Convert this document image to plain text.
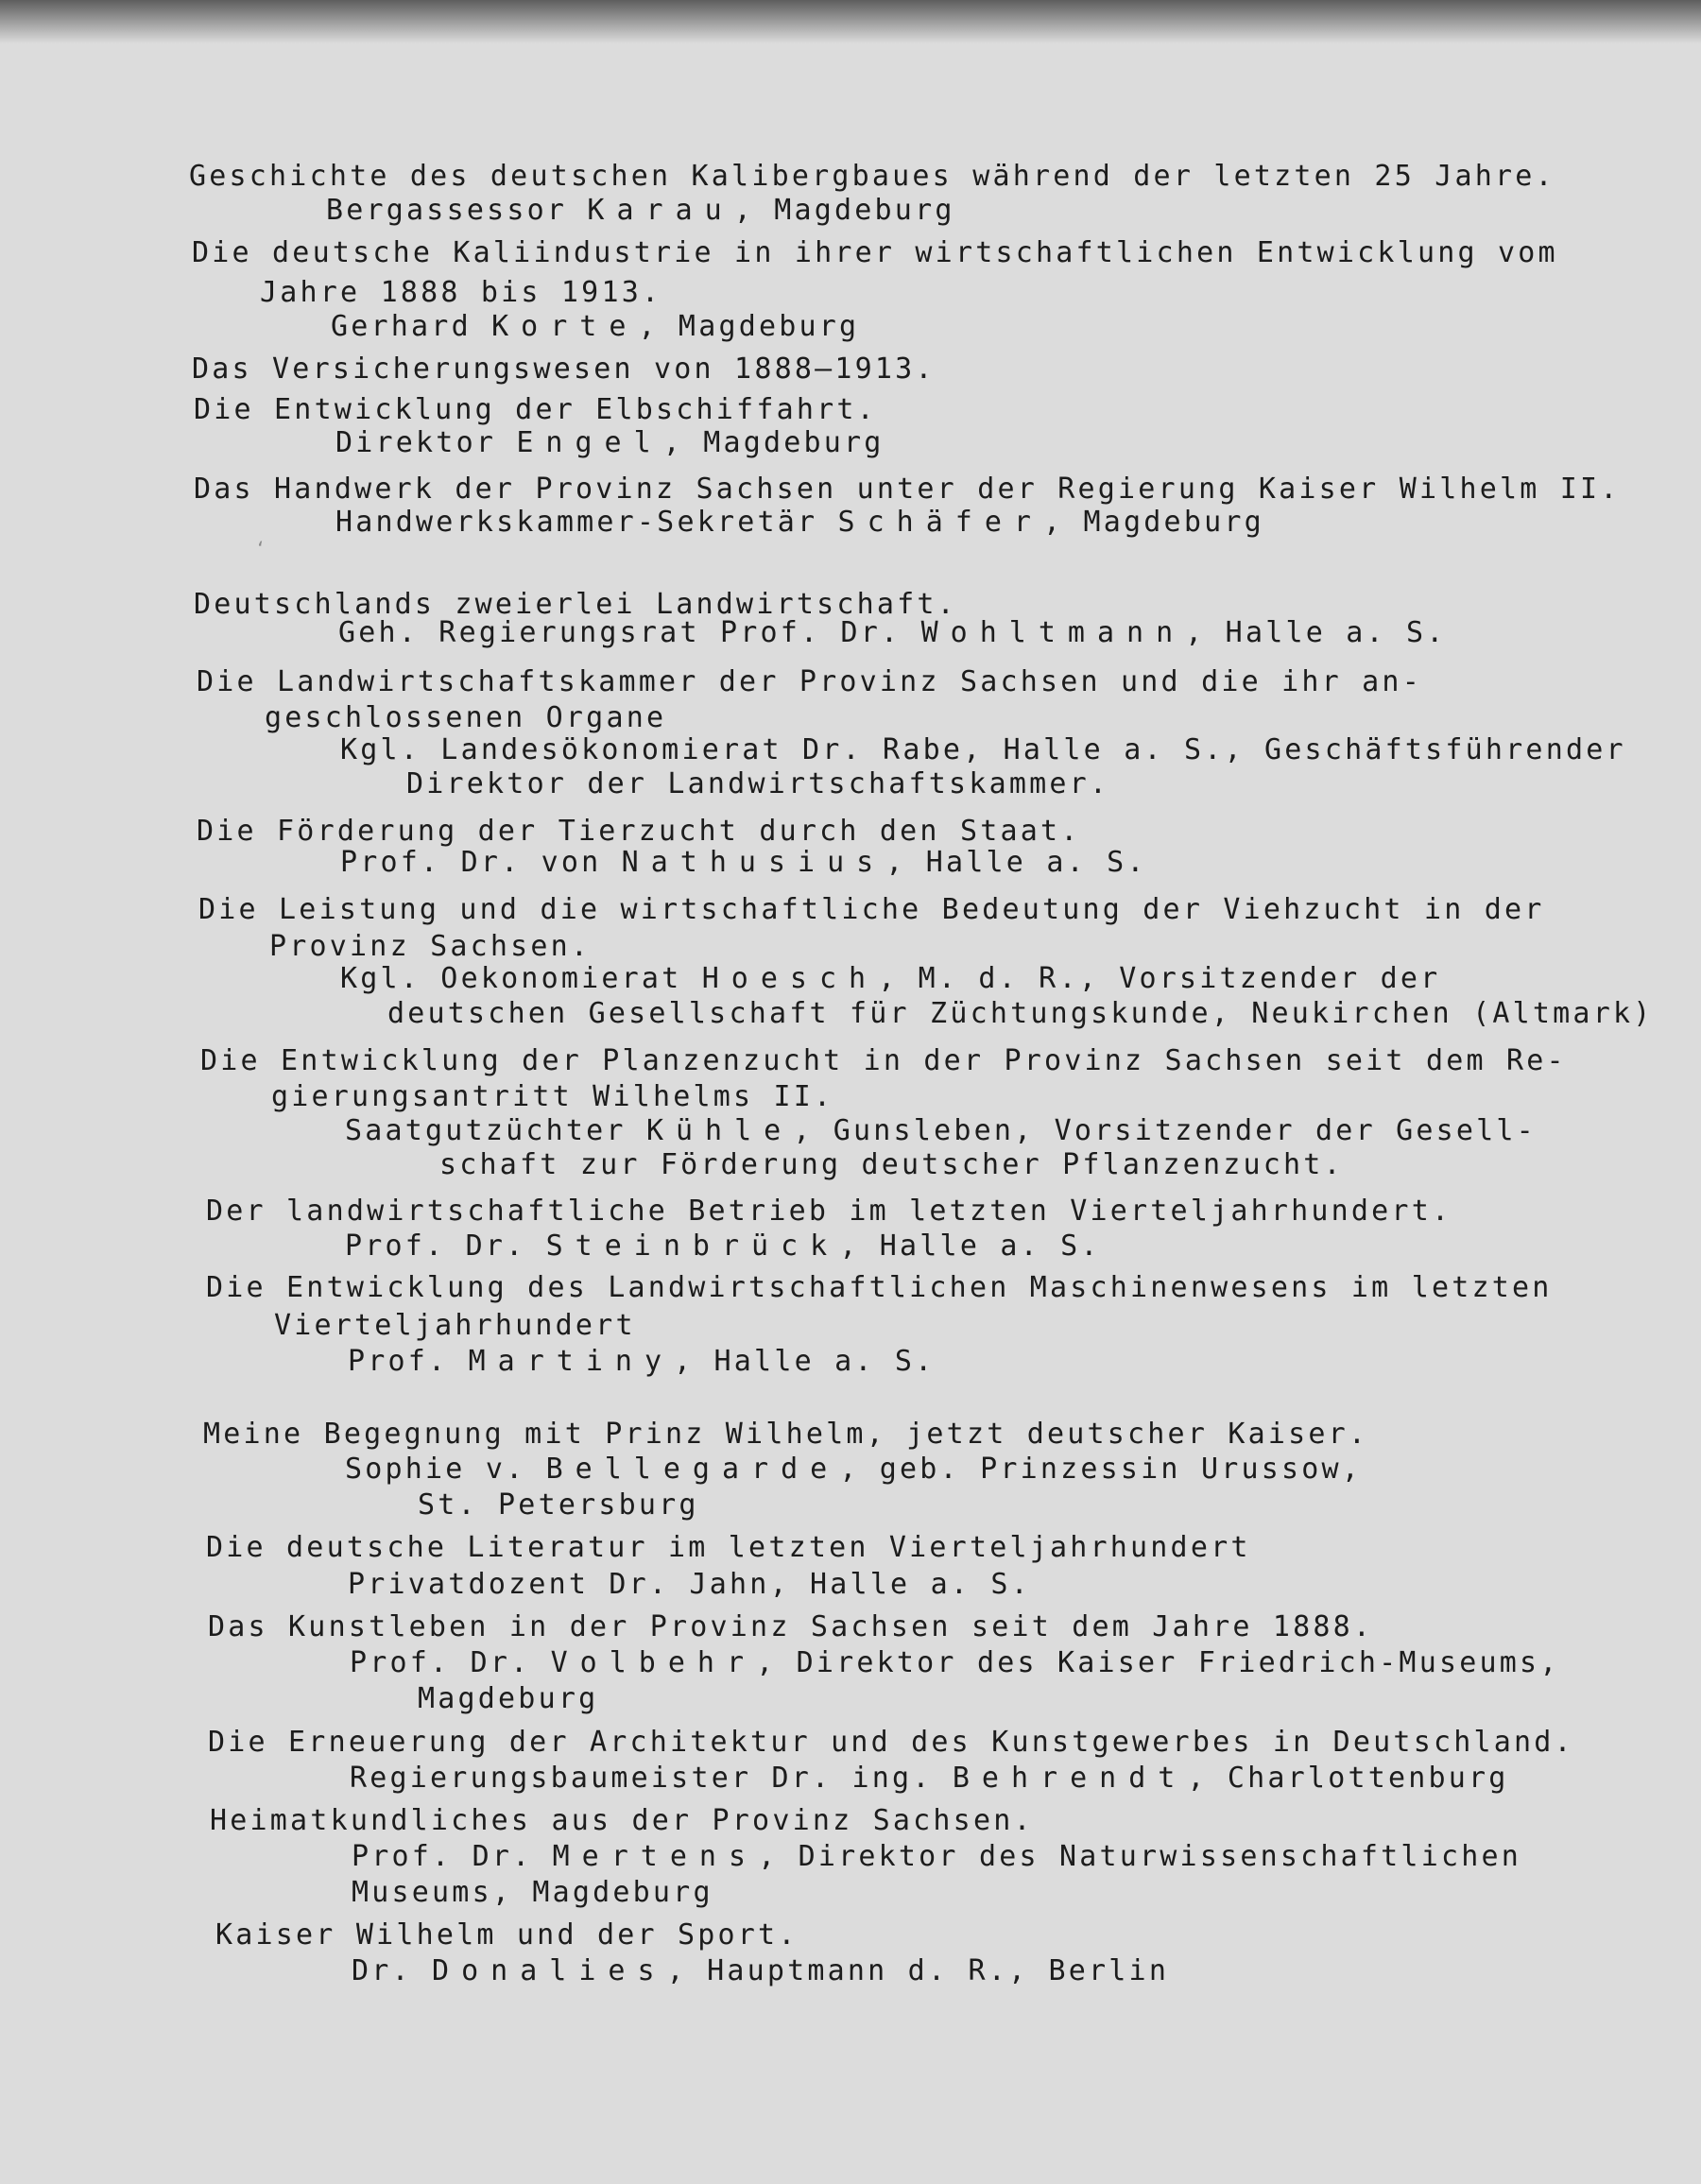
‘
Geschichte des deutschen Kalibergbaues während der letzten 25 Jahre.
Bergassessor Karau, Magdeburg
Die deutsche Kaliindustrie in ihrer wirtschaftlichen Entwicklung vom
Jahre 1888 bis 1913.
Gerhard Korte, Magdeburg
Das Versicherungswesen von 1888—1913.
Die Entwicklung der Elbschiffahrt.
Direktor Engel, Magdeburg
Das Handwerk der Provinz Sachsen unter der Regierung Kaiser Wilhelm II.
Handwerkskammer-Sekretär Schäfer, Magdeburg
Deutschlands zweierlei Landwirtschaft.
Geh. Regierungsrat Prof. Dr. Wohltmann, Halle a. S.
Die Landwirtschaftskammer der Provinz Sachsen und die ihr an-
geschlossenen Organe
Kgl. Landesökonomierat Dr. Rabe, Halle a. S., Geschäftsführender
Direktor der Landwirtschaftskammer.
Die Förderung der Tierzucht durch den Staat.
Prof. Dr. von Nathusius, Halle a. S.
Die Leistung und die wirtschaftliche Bedeutung der Viehzucht in der
Provinz Sachsen.
Kgl. Oekonomierat Hoesch, M. d. R., Vorsitzender der
deutschen Gesellschaft für Züchtungskunde, Neukirchen (Altmark)
Die Entwicklung der Planzenzucht in der Provinz Sachsen seit dem Re-
gierungsantritt Wilhelms II.
Saatgutzüchter Kühle, Gunsleben, Vorsitzender der Gesell-
schaft zur Förderung deutscher Pflanzenzucht.
Der landwirtschaftliche Betrieb im letzten Vierteljahrhundert.
Prof. Dr. Steinbrück, Halle a. S.
Die Entwicklung des Landwirtschaftlichen Maschinenwesens im letzten
Vierteljahrhundert
Prof. Martiny, Halle a. S.
Meine Begegnung mit Prinz Wilhelm, jetzt deutscher Kaiser.
Sophie v. Bellegarde, geb. Prinzessin Urussow,
St. Petersburg
Die deutsche Literatur im letzten Vierteljahrhundert
Privatdozent Dr. Jahn, Halle a. S.
Das Kunstleben in der Provinz Sachsen seit dem Jahre 1888.
Prof. Dr. Volbehr, Direktor des Kaiser Friedrich-Museums,
Magdeburg
Die Erneuerung der Architektur und des Kunstgewerbes in Deutschland.
Regierungsbaumeister Dr. ing. Behrendt, Charlottenburg
Heimatkundliches aus der Provinz Sachsen.
Prof. Dr. Mertens, Direktor des Naturwissenschaftlichen
Museums, Magdeburg
Kaiser Wilhelm und der Sport.
Dr. Donalies, Hauptmann d. R., Berlin
